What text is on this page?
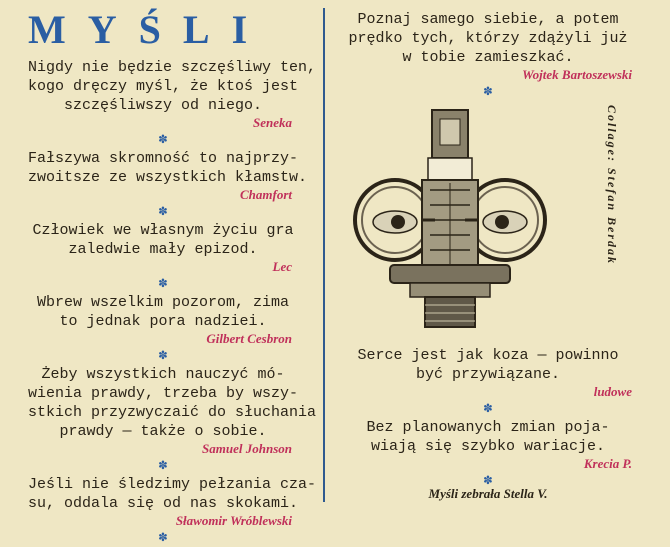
MYŚLI

Nigdy nie będzie szczęśliwy ten,
kogo dręczy myśl, że ktoś jest
szczęśliwszy od niego.

Seneka

✽

Fałszywa skromność to najprzy-
zwoitsze ze wszystkich kłamstw.

Chamfort

✽

Człowiek we własnym życiu gra
zaledwie mały epizod.

Lec

✽

Wbrew wszelkim pozorom, zima
to jednak pora nadziei.

Gilbert Cesbron

✽

Żeby wszystkich nauczyć mó-
wienia prawdy, trzeba by wszy-
stkich przyzwyczaić do słuchania
prawdy — także o sobie.

Samuel Johnson

✽

Jeśli nie śledzimy pełzania cza-
su, oddala się od nas skokami.

Sławomir Wróblewski

✽

Poznaj samego siebie, a potem
prędko tych, którzy zdążyli już
w tobie zamieszkać.

Wojtek Bartoszewski

✽

Collage: Stefan Berdak

Serce jest jak koza — powinno
być przywiązane.

ludowe

✽

Bez planowanych zmian poja-
wiają się szybko wariacje.

Krecia P.

✽

Myśli zebrała Stella V.
